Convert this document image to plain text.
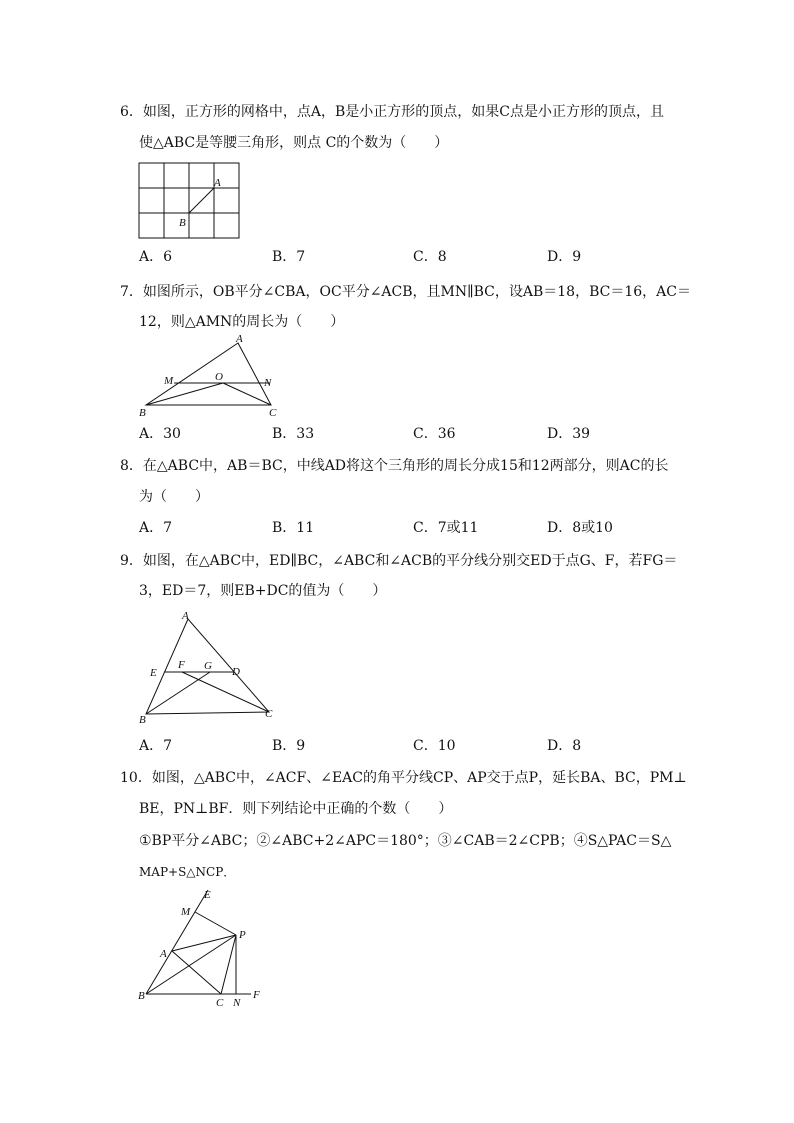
6．如图，正方形的网格中，点A，B是小正方形的顶点，如果C点是小正方形的顶点，且
使△ABC是等腰三角形，则点 C的个数为（　　）
A
B
A．6	B．7	C．8	D．9
7．如图所示，OB平分∠CBA，OC平分∠ACB，且MN∥BC，设AB＝18，BC＝16，AC＝
12，则△AMN的周长为（　　）
A
M	O	N
B	C
A．30	B．33	C．36	D．39
8．在△ABC中，AB＝BC，中线AD将这个三角形的周长分成15和12两部分，则AC的长
为（　　）
A．7	B．11	C．7或11	D．8或10
9．如图，在△ABC中，ED∥BC，∠ABC和∠ACB的平分线分别交ED于点G、F，若FG＝
3，ED＝7，则EB+DC的值为（　　）
A
E
F G D
B	C
A．7	B．9	C．10	D．8
10．如图，△ABC中，∠ACF、∠EAC的角平分线CP、AP交于点P，延长BA、BC，PM⊥
BE，PN⊥BF．则下列结论中正确的个数（　　）
①BP平分∠ABC；②∠ABC+2∠APC＝180°；③∠CAB＝2∠CPB；④S△PAC＝S△
MAP+S△NCP．
E
M
P
A
B
C N
F
